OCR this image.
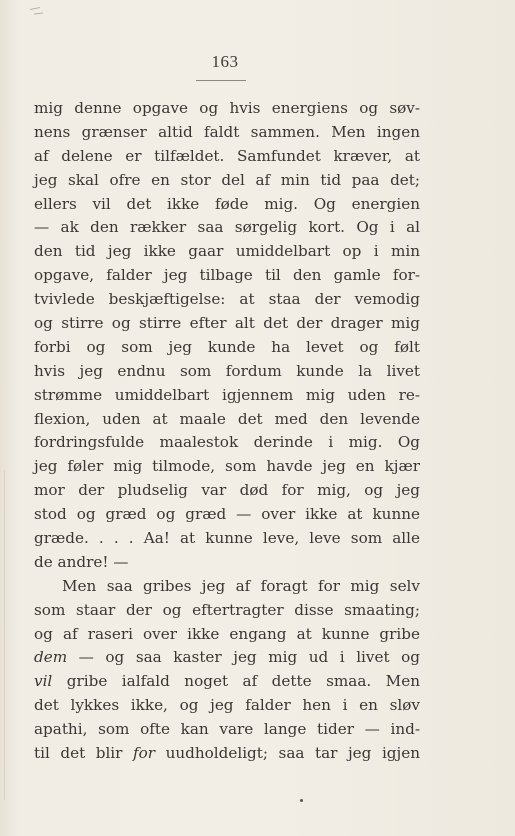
163
mig denne opgave og hvis energiens og søv-
nens grænser altid faldt sammen. Men ingen
af delene er tilfældet. Samfundet kræver, at
jeg skal ofre en stor del af min tid paa det;
ellers vil det ikke føde mig. Og energien
— ak den rækker saa sørgelig kort. Og i al
den tid jeg ikke gaar umiddelbart op i min
opgave, falder jeg tilbage til den gamle for-
tvivlede beskjæftigelse: at staa der vemodig
og stirre og stirre efter alt det der drager mig
forbi og som jeg kunde ha levet og følt
hvis jeg endnu som fordum kunde la livet
strømme umiddelbart igjennem mig uden re-
flexion, uden at maale det med den levende
fordringsfulde maalestok derinde i mig. Og
jeg føler mig tilmode, som havde jeg en kjær
mor der pludselig var død for mig, og jeg
stod og græd og græd — over ikke at kunne
græde. . . . Aa! at kunne leve, leve som alle
de andre! —
Men saa gribes jeg af foragt for mig selv
som staar der og eftertragter disse smaating;
og af raseri over ikke engang at kunne gribe
dem — og saa kaster jeg mig ud i livet og
vil gribe ialfald noget af dette smaa. Men
det lykkes ikke, og jeg falder hen i en sløv
apathi, som ofte kan vare lange tider — ind-
til det blir for uudholdeligt; saa tar jeg igjen
